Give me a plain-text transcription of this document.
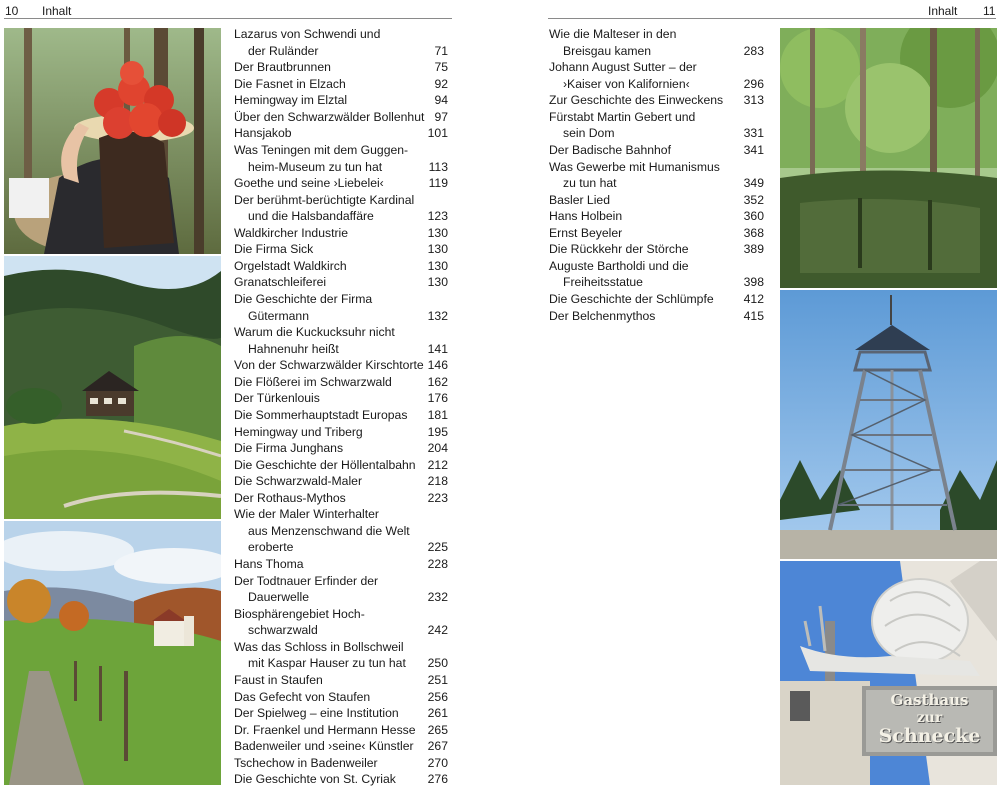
10 Inhalt	Inhalt 11
Gasthaus
zur
Schnecke
Lazarus von Schwendi und
der Ruländer	71
Der Brautbrunnen	75
Die Fasnet in Elzach	92
Hemingway im Elztal	94
Über den Schwarzwälder Bollenhut 97
Hansjakob	101
Was Teningen mit dem Guggen-
heim-Museum zu tun hat	113
Goethe und seine ›Liebelei‹	119
Der berühmt-berüchtigte Kardinal
und die Halsbandaffäre	123
Waldkircher Industrie	130
Die Firma Sick	130
Orgelstadt Waldkirch	130
Granatschleiferei	130
Die Geschichte der Firma
Gütermann	132
Warum die Kuckucksuhr nicht
Hahnenuhr heißt	141
Von der Schwarzwälder Kirschtorte 146
Die Flößerei im Schwarzwald	162
Der Türkenlouis	176
Die Sommerhauptstadt Europas 181
Hemingway und Triberg	195
Die Firma Junghans	204
Die Geschichte der Höllentalbahn 212
Die Schwarzwald-Maler	218
Der Rothaus-Mythos	223
Wie der Maler Winterhalter
aus Menzenschwand die Welt
eroberte	225
Hans Thoma	228
Der Todtnauer Erfinder der
Dauerwelle	232
Biosphärengebiet Hoch-
schwarzwald	242
Was das Schloss in Bollschweil
mit Kaspar Hauser zu tun hat 250
Faust in Staufen	251
Das Gefecht von Staufen	256
Der Spielweg – eine Institution 261
Dr. Fraenkel und Hermann Hesse 265
Badenweiler und ›seine‹ Künstler 267
Tschechow in Badenweiler	270
Die Geschichte von St. Cyriak	276
Wie die Malteser in den
Breisgau kamen	283
Johann August Sutter – der
›Kaiser von Kalifornien‹	296
Zur Geschichte des Einweckens 313
Fürstabt Martin Gebert und
sein Dom	331
Der Badische Bahnhof	341
Was Gewerbe mit Humanismus
zu tun hat	349
Basler Lied	352
Hans Holbein	360
Ernst Beyeler	368
Die Rückkehr der Störche	389
Auguste Bartholdi und die
Freiheitsstatue	398
Die Geschichte der Schlümpfe 412
Der Belchenmythos	415
